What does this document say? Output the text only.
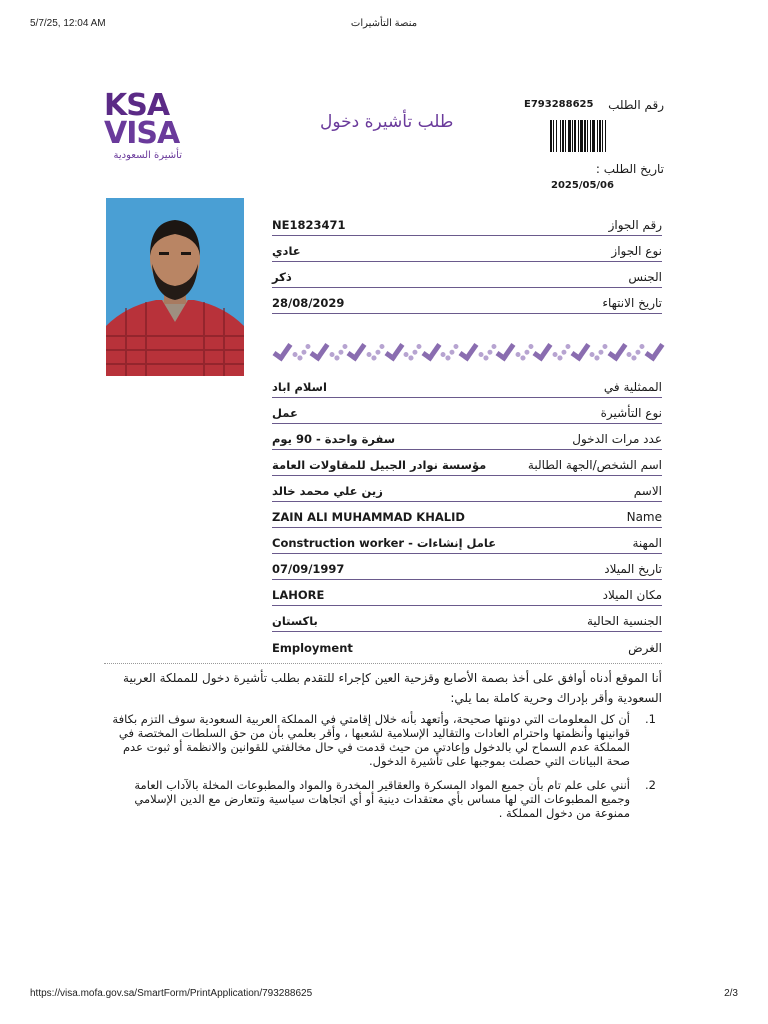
5/7/25, 12:04 AM	منصة التأشيرات
KSA
VISA
تأشيرة السعودية
طلب تأشيرة دخول
رقم الطلب
E793288625
تاريخ الطلب :
2025/05/06
رقم الجواز
NE1823471
نوع الجواز
عادي
الجنس
ذكر
تاريخ الانتهاء
28/08/2029
الممثلية في
اسلام اباد
نوع التأشيرة
عمل
عدد مرات الدخول
سفرة واحدة - 90 يوم
اسم الشخص/الجهة الطالبة
مؤسسة نوادر الجبيل للمقاولات العامة
الاسم
زين علي محمد خالد
Name
ZAIN ALI MUHAMMAD KHALID
المهنة
Construction worker - عامل إنشاءات
تاريخ الميلاد
07/09/1997
مكان الميلاد
LAHORE
الجنسية الحالية
باكستان
الغرض
Employment
أنا الموقع أدناه أوافق على أخذ بصمة الأصابع وقزحية العين كإجراء للتقدم بطلب تأشيرة دخول للمملكة العربية السعودية وأقر بإدراك وحرية كاملة بما يلي:
1.
أن كل المعلومات التي دونتها صحيحة، وأتعهد بأنه خلال إقامتي في المملكة العربية السعودية سوف التزم بكافة قوانينها وأنظمتها واحترام العادات والتقاليد الإسلامية لشعبها ، وأقر بعلمي بأن من حق السلطات المختصة في المملكة عدم السماح لي بالدخول وإعادتي من حيث قدمت في حال مخالفتي للقوانين والانظمة أو ثبوت عدم صحة البيانات التي حصلت بموجبها على تأشيرة الدخول.
2.
أنني على علم تام بأن جميع المواد المسكرة والعقاقير المخدرة والمواد والمطبوعات المخلة بالآداب العامة وجميع المطبوعات التي لها مساس بأي معتقدات دينية أو أي اتجاهات سياسية وتتعارض مع الدين الإسلامي ممنوعة من دخول المملكة .
https://visa.mofa.gov.sa/SmartForm/PrintApplication/793288625	2/3
